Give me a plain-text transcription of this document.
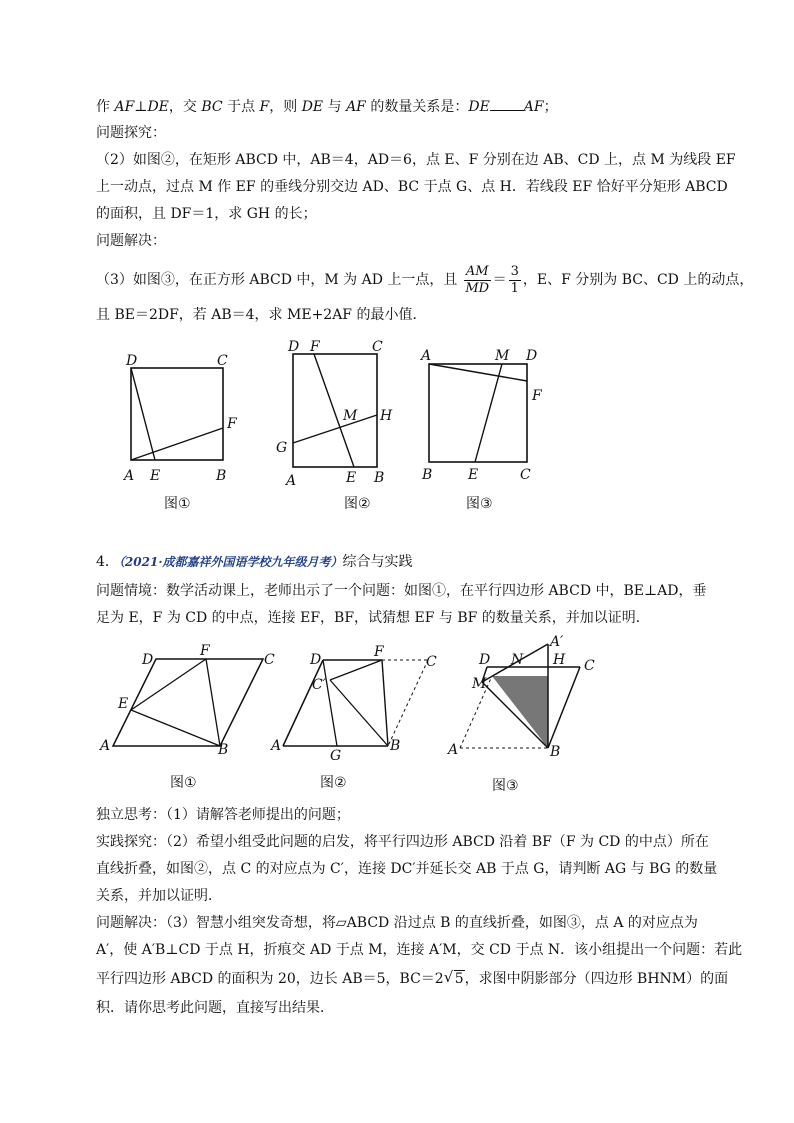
作 AF⊥DE，交 BC 于点 F，则 DE 与 AF 的数量关系是：DE AF；
问题探究：
（2）如图②，在矩形 ABCD 中，AB＝4，AD＝6，点 E、F 分别在边 AB、CD 上，点 M 为线段 EF
上一动点，过点 M 作 EF 的垂线分别交边 AD、BC 于点 G、点 H．若线段 EF 恰好平分矩形 ABCD
的面积，且 DF＝1，求 GH 的长；
问题解决：
（3）如图③，在正方形 ABCD 中，M 为 AD 上一点，且 $\frac{AM}{MD} = \frac{3}{1}$ ，E、F 分别为 BC、CD 上的动点，
且 BE＝2DF，若 AB＝4，求 ME+2AF 的最小值．
D	C
F
A E	B
图①
D F	C
M H
G
A	E B
图②
A	M D
F
B	E	C
图③
4．（2021·成都嘉祥外国语学校九年级月考）综合与实践
问题情境：数学活动课上，老师出示了一个问题：如图①，在平行四边形 ABCD 中，BE⊥AD，垂
足为 E，F 为 CD 的中点，连接 EF，BF，试猜想 EF 与 BF 的数量关系，并加以证明．
D
F
C
E
A	B
图①
D	F
C
C′
A
G
B
图②
A′
D N H C
M
A	B
图③
独立思考：（1）请解答老师提出的问题；
实践探究：（2）希望小组受此问题的启发，将平行四边形 ABCD 沿着 BF（F 为 CD 的中点）所在
直线折叠，如图②，点 C 的对应点为 C′，连接 DC′并延长交 AB 于点 G，请判断 AG 与 BG 的数量
关系，并加以证明．
问题解决：（3）智慧小组突发奇想，将▱ABCD 沿过点 B 的直线折叠，如图③，点 A 的对应点为
A′，使 A′B⊥CD 于点 H，折痕交 AD 于点 M，连接 A′M，交 CD 于点 N．该小组提出一个问题：若此
平行四边形 ABCD 的面积为 20，边长 AB＝5，BC＝2 √ 5，求图中阴影部分（四边形 BHNM）的面
积．请你思考此问题，直接写出结果．
